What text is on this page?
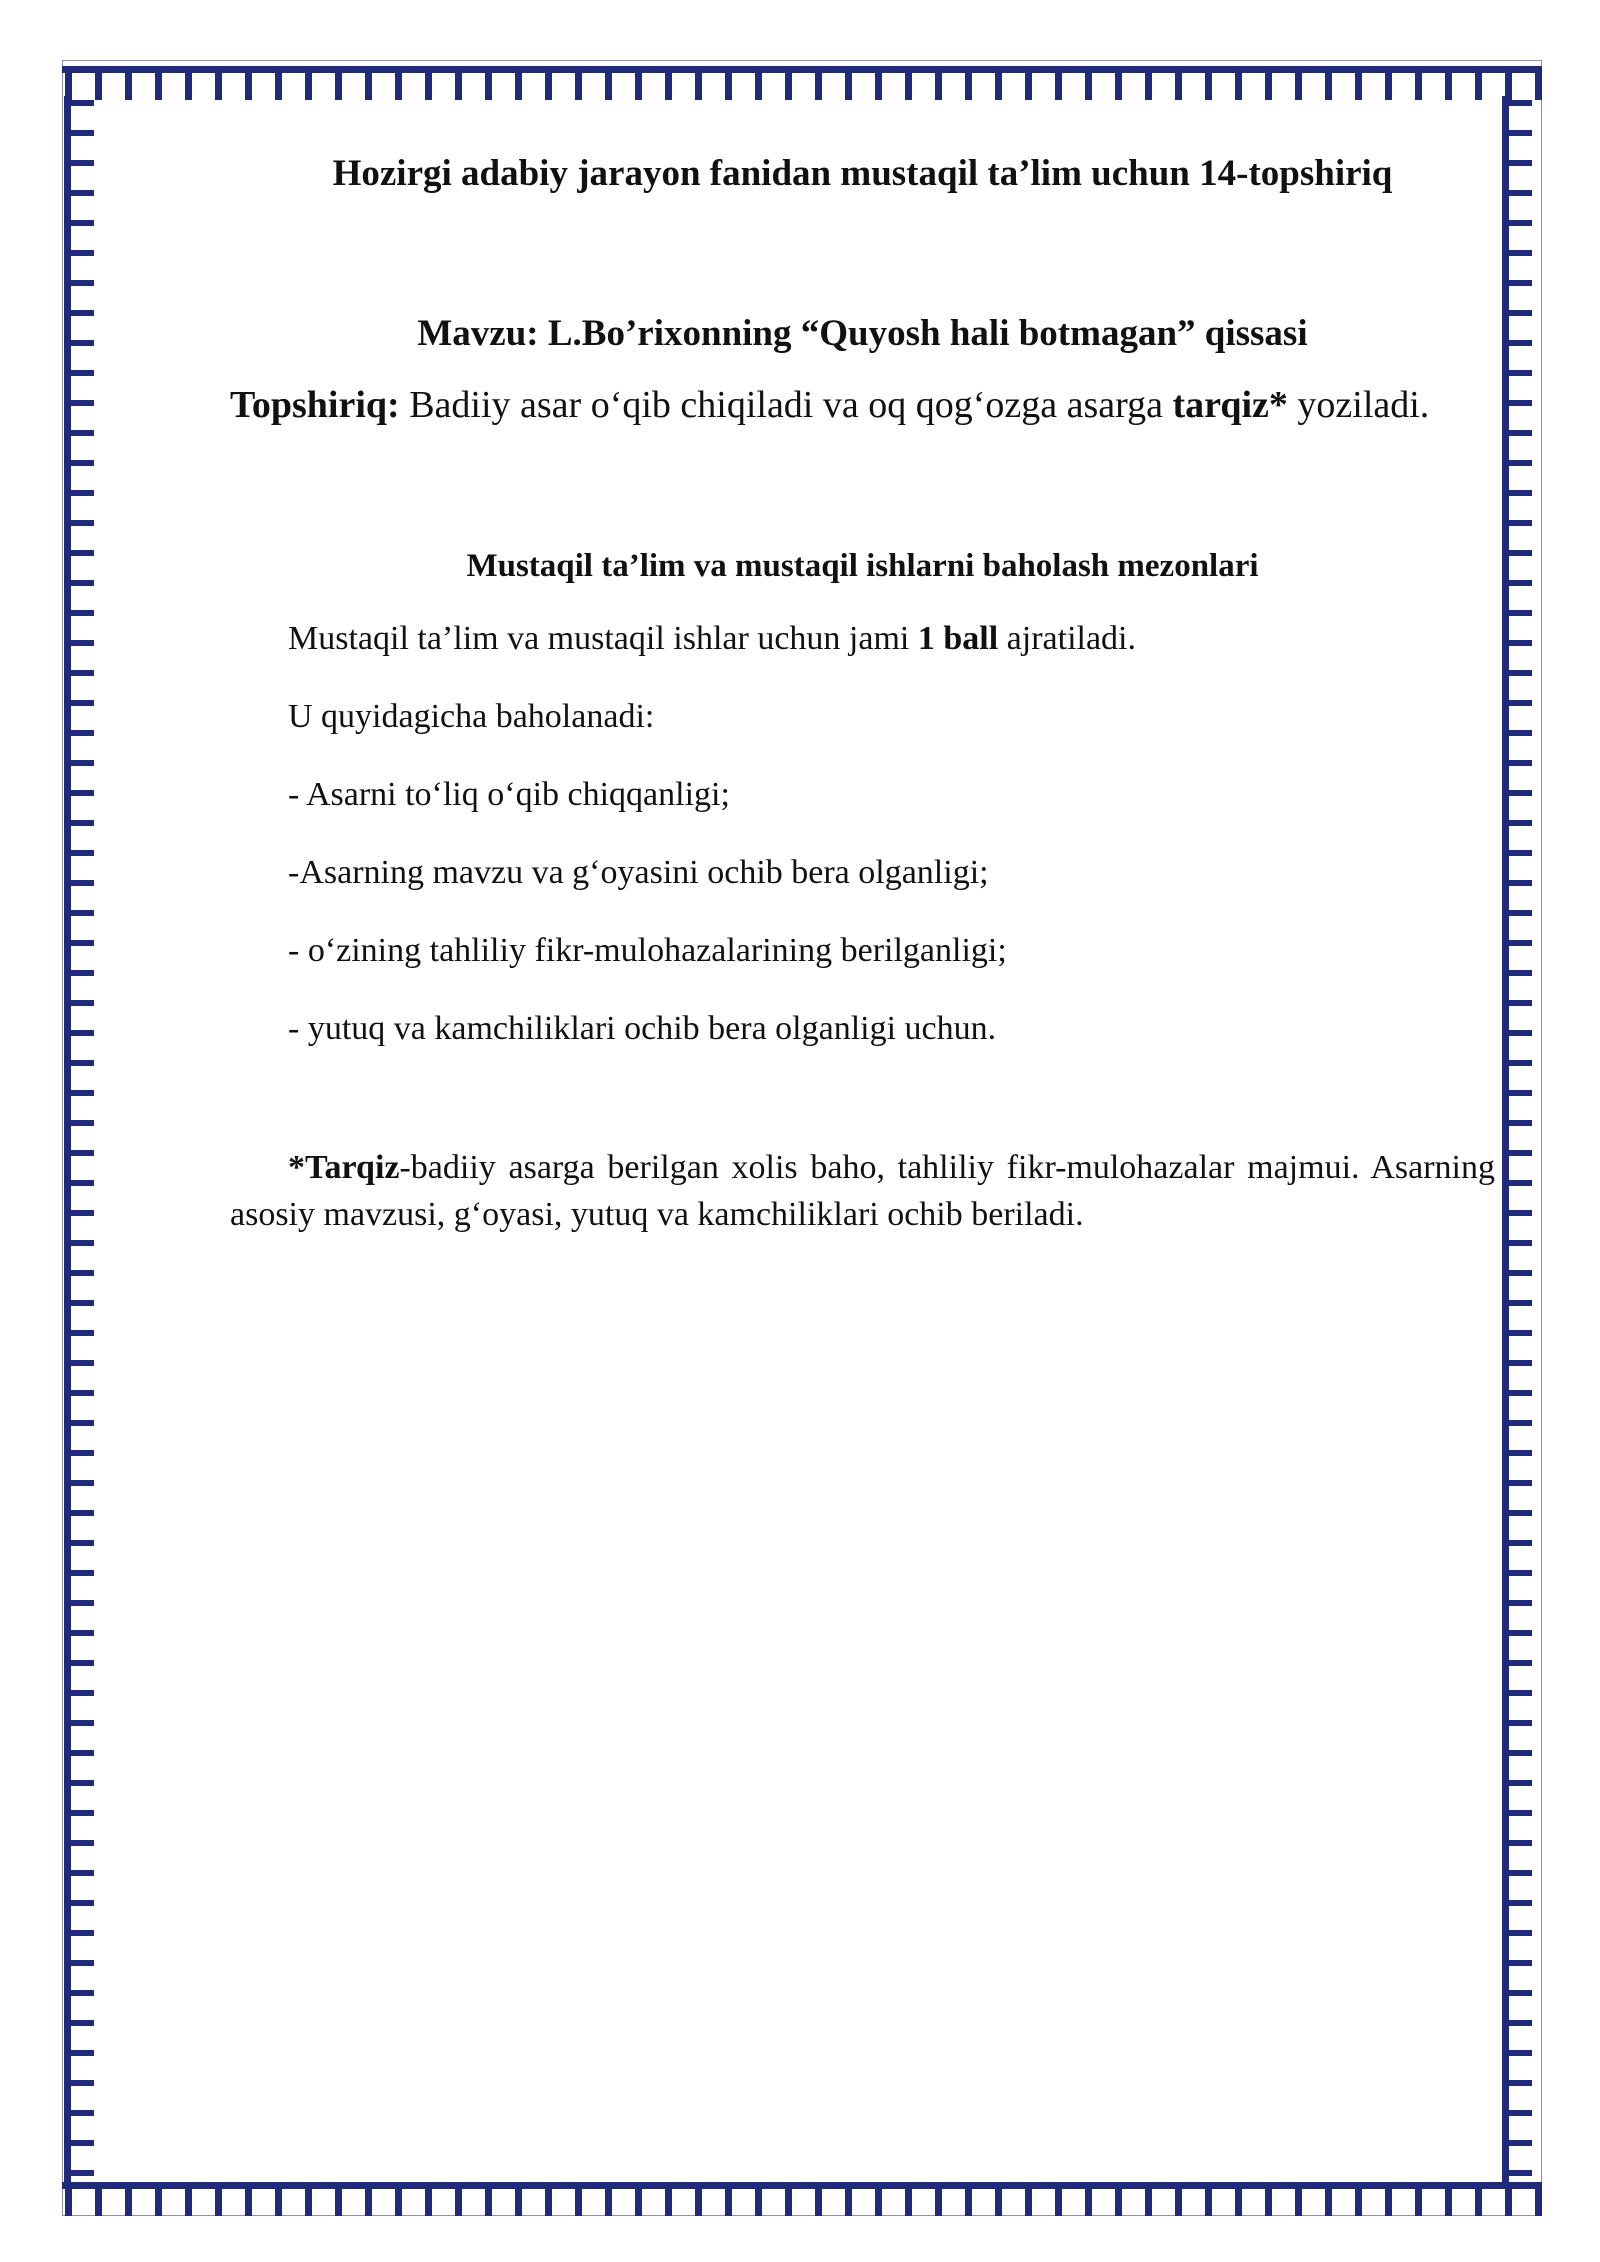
Hozirgi adabiy jarayon fanidan mustaqil ta’lim uchun 14-topshiriq
Mavzu: L.Bo’rixonning “Quyosh hali botmagan” qissasi

Topshiriq: Badiiy asar o‘qib chiqiladi va oq qog‘ozga asarga tarqiz* yoziladi.

Mustaqil ta’lim va mustaqil ishlarni baholash mezonlari

Mustaqil ta’lim va mustaqil ishlar uchun jami 1 ball ajratiladi.

U quyidagicha baholanadi:

- Asarni to‘liq o‘qib chiqqanligi;

-Asarning mavzu va g‘oyasini ochib bera olganligi;

- o‘zining tahliliy fikr-mulohazalarining berilganligi;

- yutuq va kamchiliklari ochib bera olganligi uchun.

*Tarqiz-badiiy asarga berilgan xolis baho, tahliliy fikr-mulohazalar majmui. Asarning asosiy mavzusi, g‘oyasi, yutuq va kamchiliklari ochib beriladi.
